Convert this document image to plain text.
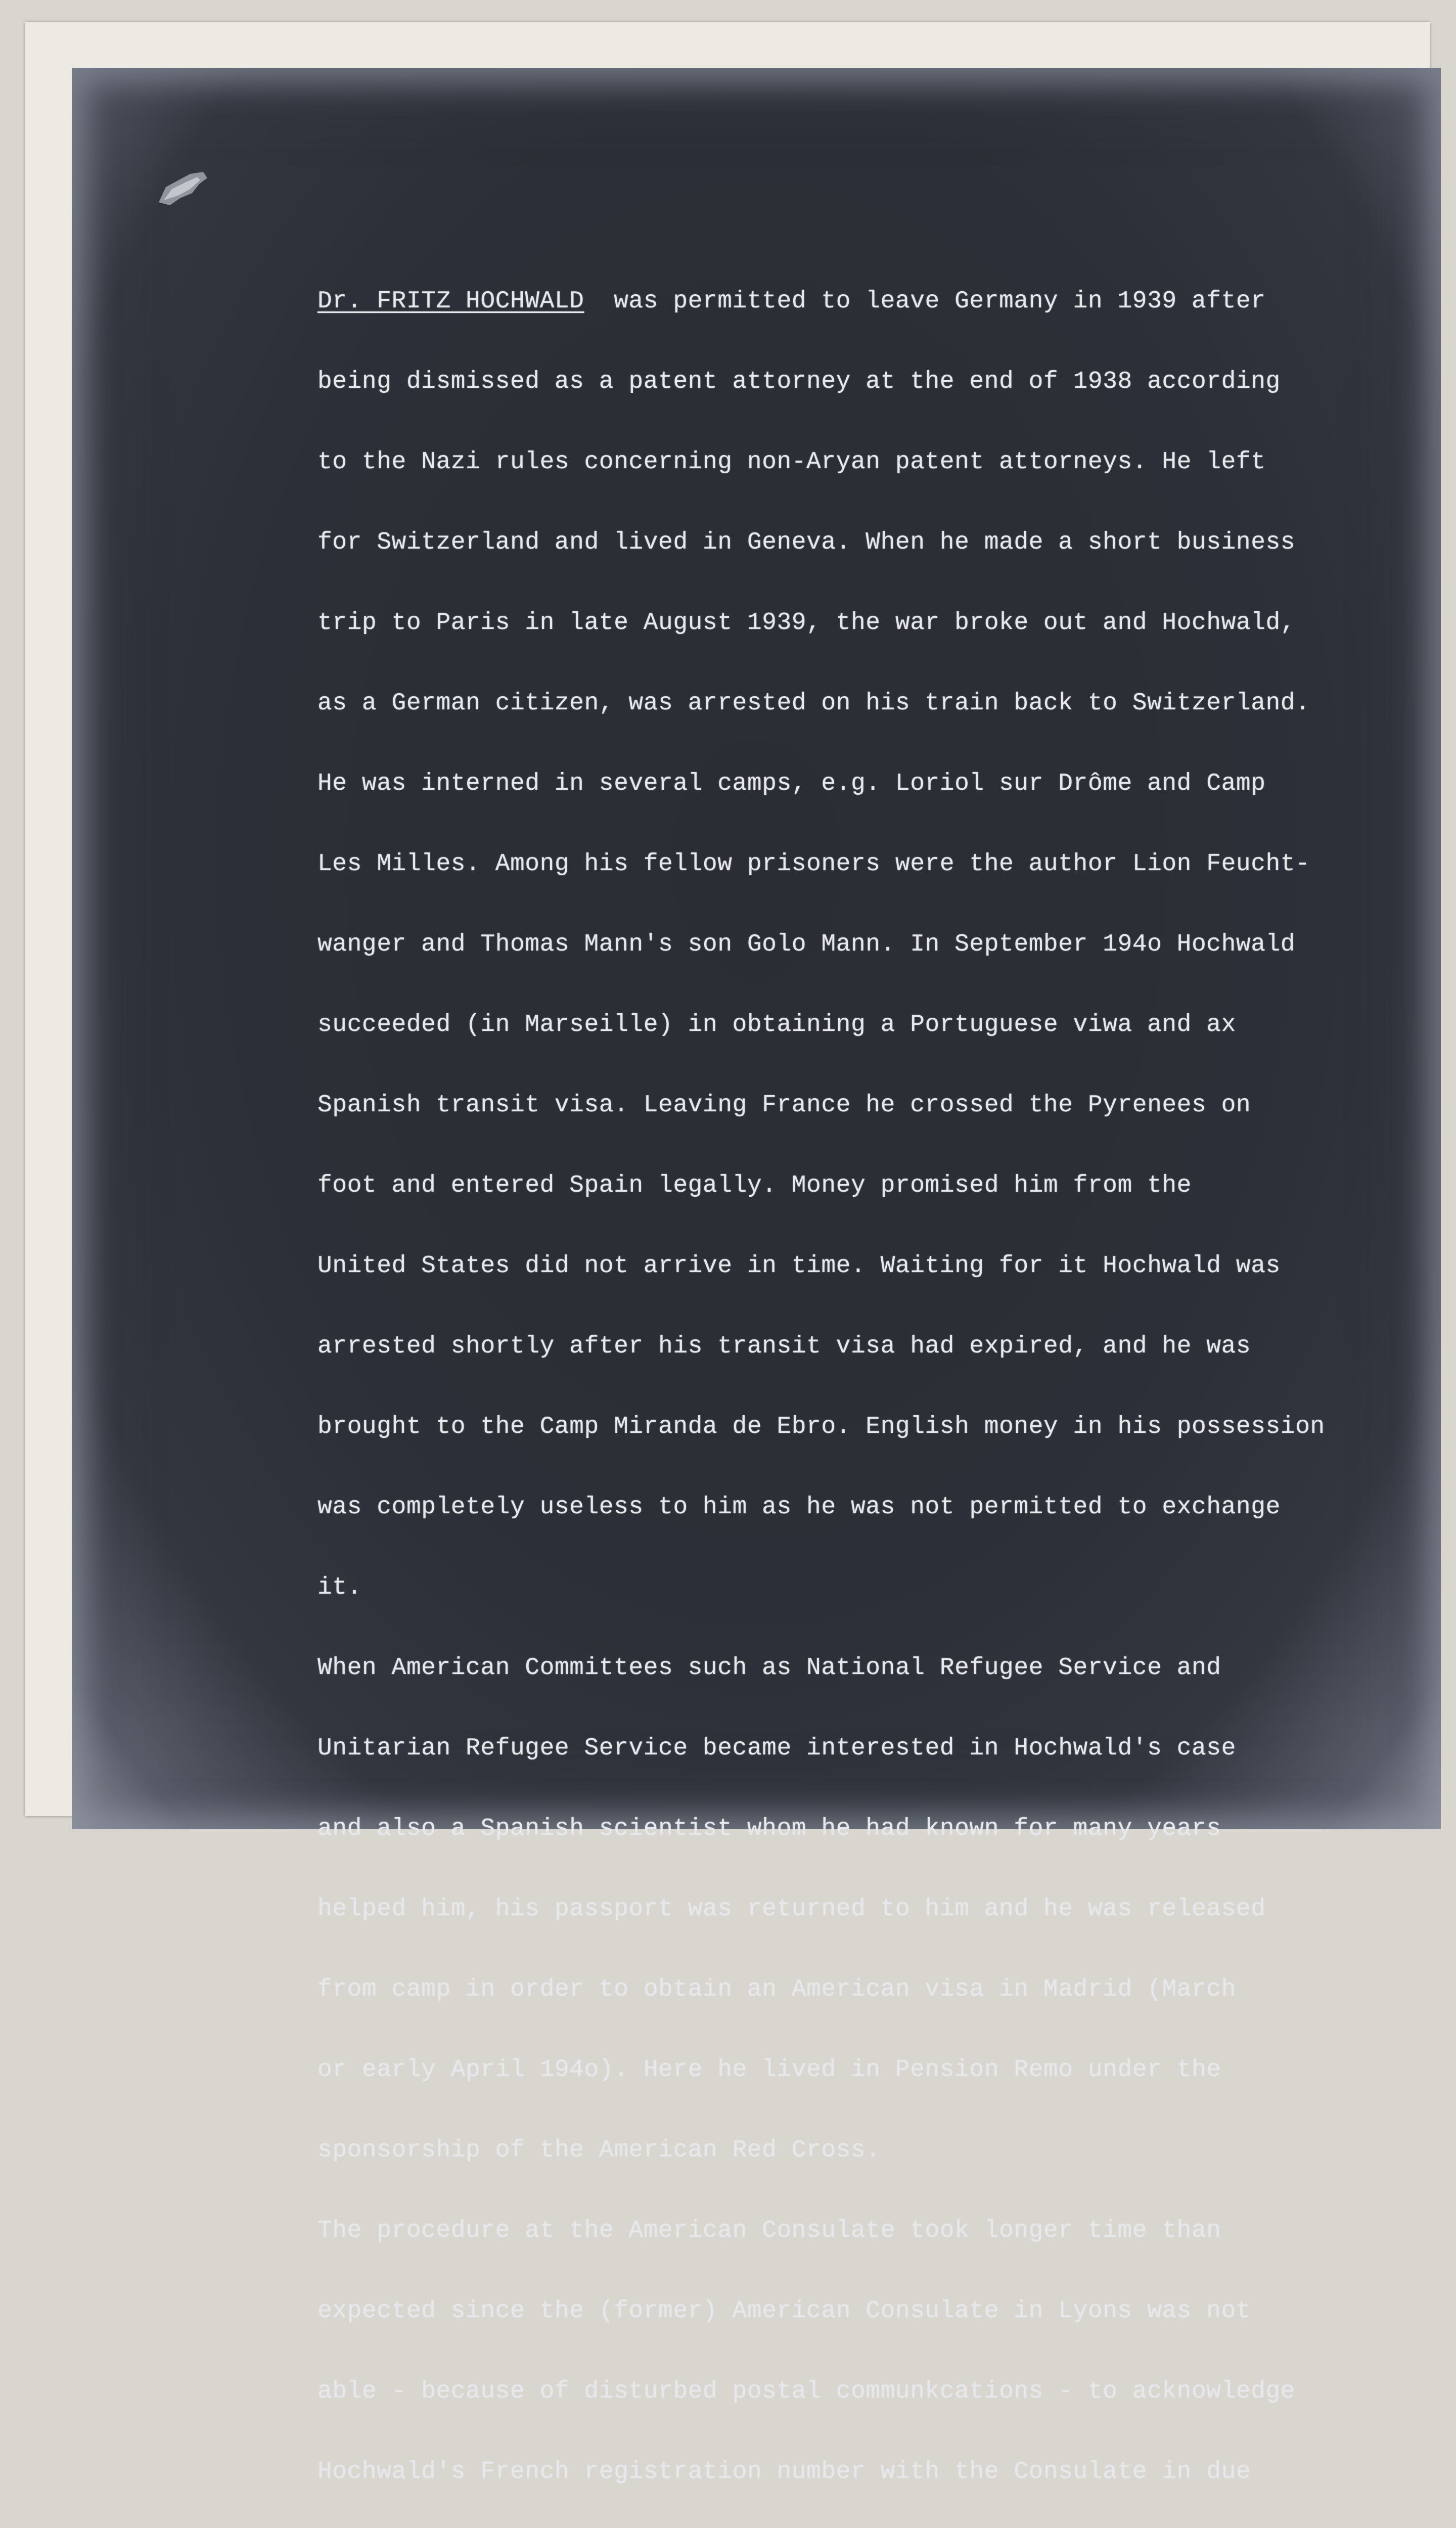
Dr. FRITZ HOCHWALD  was permitted to leave Germany in 1939 after

being dismissed as a patent attorney at the end of 1938 according

to the Nazi rules concerning non-Aryan patent attorneys. He left

for Switzerland and lived in Geneva. When he made a short business

trip to Paris in late August 1939, the war broke out and Hochwald,

as a German citizen, was arrested on his train back to Switzerland.

He was interned in several camps, e.g. Loriol sur Drôme and Camp

Les Milles. Among his fellow prisoners were the author Lion Feucht-

wanger and Thomas Mann's son Golo Mann. In September 194o Hochwald

succeeded (in Marseille) in obtaining a Portuguese viwa and ax

Spanish transit visa. Leaving France he crossed the Pyrenees on

foot and entered Spain legally. Money promised him from the

United States did not arrive in time. Waiting for it Hochwald was

arrested shortly after his transit visa had expired, and he was

brought to the Camp Miranda de Ebro. English money in his possession

was completely useless to him as he was not permitted to exchange

it.

When American Committees such as National Refugee Service and

Unitarian Refugee Service became interested in Hochwald's case

and also a Spanish scientist whom he had known for many years

helped him, his passport was returned to him and he was released

from camp in order to obtain an American visa in Madrid (March

or early April 194o). Here he lived in Pension Remo under the

sponsorship of the American Red Cross.

The procedure at the American Consulate took longer time than

expected since the (former) American Consulate in Lyons was not

able - because of disturbed postal communkcations - to acknowledge

Hochwald's French registration number with the Consulate in due
